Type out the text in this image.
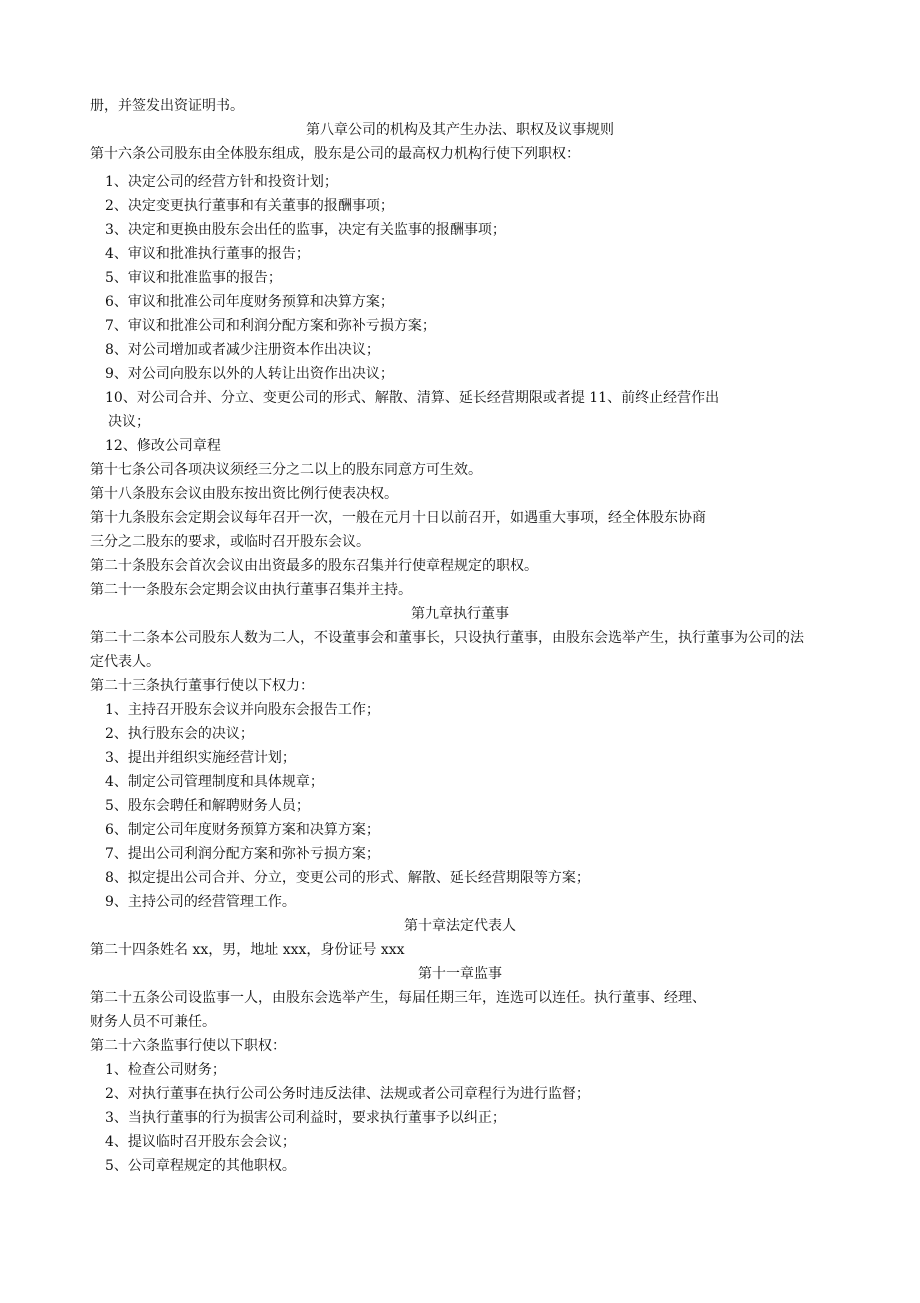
册，并签发出资证明书。
第八章公司的机构及其产生办法、职权及议事规则
第十六条公司股东由全体股东组成，股东是公司的最高权力机构行使下列职权：
1、决定公司的经营方针和投资计划；
2、决定变更执行董事和有关董事的报酬事项；
3、决定和更换由股东会出任的监事，决定有关监事的报酬事项；
4、审议和批准执行董事的报告；
5、审议和批准监事的报告；
6、审议和批准公司年度财务预算和决算方案；
7、审议和批准公司和利润分配方案和弥补亏损方案；
8、对公司增加或者减少注册资本作出决议；
9、对公司向股东以外的人转让出资作出决议；
10、对公司合并、分立、变更公司的形式、解散、清算、延长经营期限或者提 11、前终止经营作出
决议；
12、修改公司章程
第十七条公司各项决议须经三分之二以上的股东同意方可生效。
第十八条股东会议由股东按出资比例行使表决权。
第十九条股东会定期会议每年召开一次，一般在元月十日以前召开，如遇重大事项，经全体股东协商
三分之二股东的要求，或临时召开股东会议。
第二十条股东会首次会议由出资最多的股东召集并行使章程规定的职权。
第二十一条股东会定期会议由执行董事召集并主持。
第九章执行董事
第二十二条本公司股东人数为二人，不设董事会和董事长，只设执行董事，由股东会选举产生，执行董事为公司的法
定代表人。
第二十三条执行董事行使以下权力：
1、主持召开股东会议并向股东会报告工作；
2、执行股东会的决议；
3、提出并组织实施经营计划；
4、制定公司管理制度和具体规章；
5、股东会聘任和解聘财务人员；
6、制定公司年度财务预算方案和决算方案；
7、提出公司利润分配方案和弥补亏损方案；
8、拟定提出公司合并、分立，变更公司的形式、解散、延长经营期限等方案；
9、主持公司的经营管理工作。
第十章法定代表人
第二十四条姓名 xx，男，地址 xxx，身份证号 xxx
第十一章监事
第二十五条公司设监事一人，由股东会选举产生，每届任期三年，连选可以连任。执行董事、经理、
财务人员不可兼任。
第二十六条监事行使以下职权：
1、检查公司财务；
2、对执行董事在执行公司公务时违反法律、法规或者公司章程行为进行监督；
3、当执行董事的行为损害公司利益时，要求执行董事予以纠正；
4、提议临时召开股东会会议；
5、公司章程规定的其他职权。
